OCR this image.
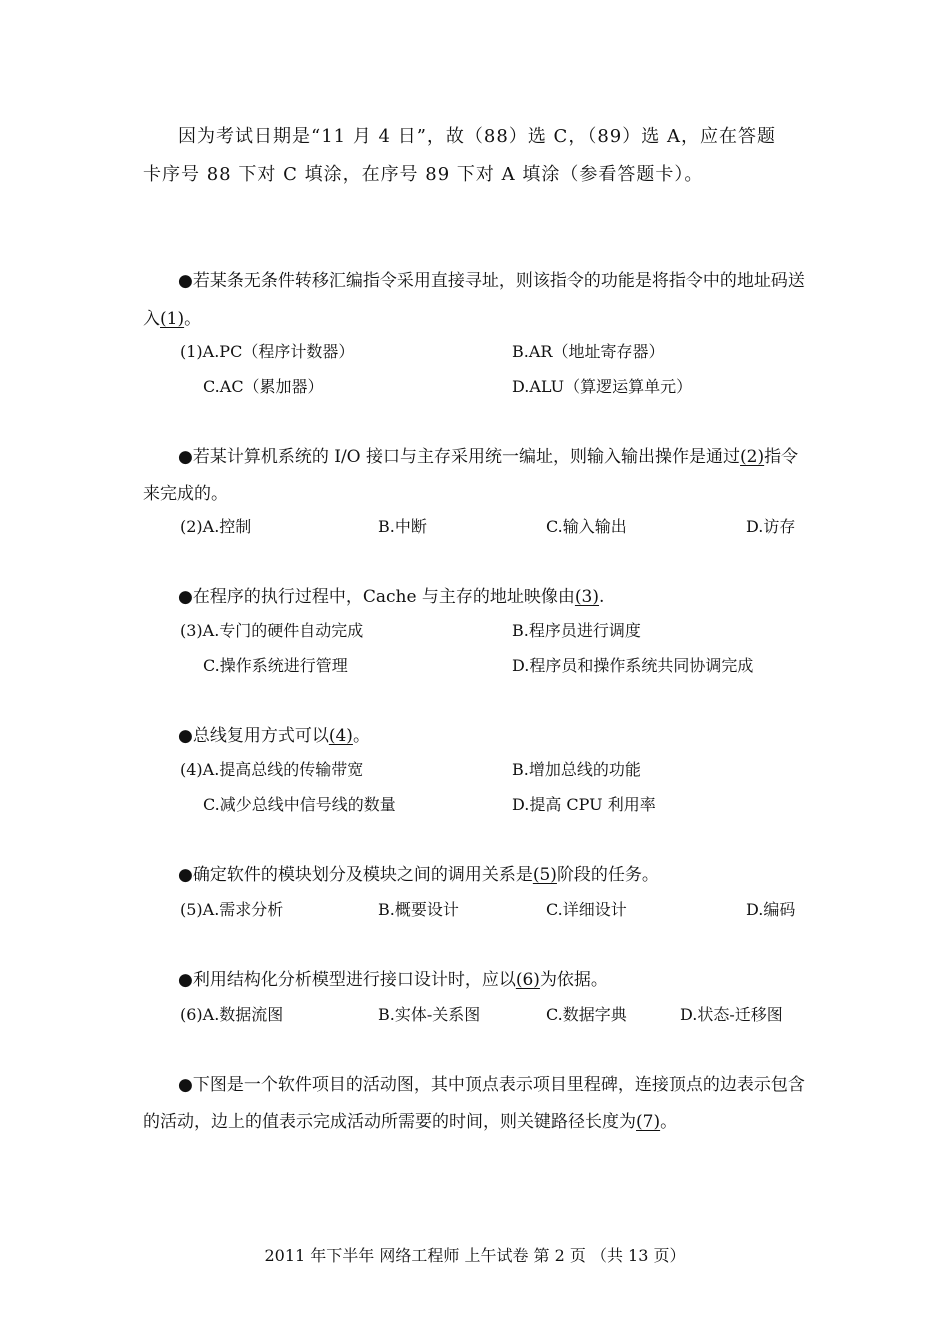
因为考试日期是“11 月 4 日”，故（88）选 C，（89）选 A，应在答题
卡序号 88 下对 C 填涂，在序号 89 下对 A 填涂（参看答题卡）。
●若某条无条件转移汇编指令采用直接寻址，则该指令的功能是将指令中的地址码送
入(1)。
(1)A.PC（程序计数器）	B.AR（地址寄存器）
C.AC（累加器）	D.ALU（算逻运算单元）
●若某计算机系统的 I/O 接口与主存采用统一编址，则输入输出操作是通过(2)指令
来完成的。
(2)A.控制	B.中断	C.输入输出	D.访存
●在程序的执行过程中，Cache 与主存的地址映像由(3).
(3)A.专门的硬件自动完成	B.程序员进行调度
C.操作系统进行管理	D.程序员和操作系统共同协调完成
●总线复用方式可以(4)。
(4)A.提高总线的传输带宽	B.增加总线的功能
C.减少总线中信号线的数量	D.提高 CPU 利用率
●确定软件的模块划分及模块之间的调用关系是(5)阶段的任务。
(5)A.需求分析	B.概要设计	C.详细设计	D.编码
●利用结构化分析模型进行接口设计时，应以(6)为依据。
(6)A.数据流图	B.实体-关系图	C.数据字典	D.状态-迁移图
●下图是一个软件项目的活动图，其中顶点表示项目里程碑，连接顶点的边表示包含
的活动，边上的值表示完成活动所需要的时间，则关键路径长度为(7)。
2011 年下半年 网络工程师 上午试卷 第 2 页 （共 13 页）
